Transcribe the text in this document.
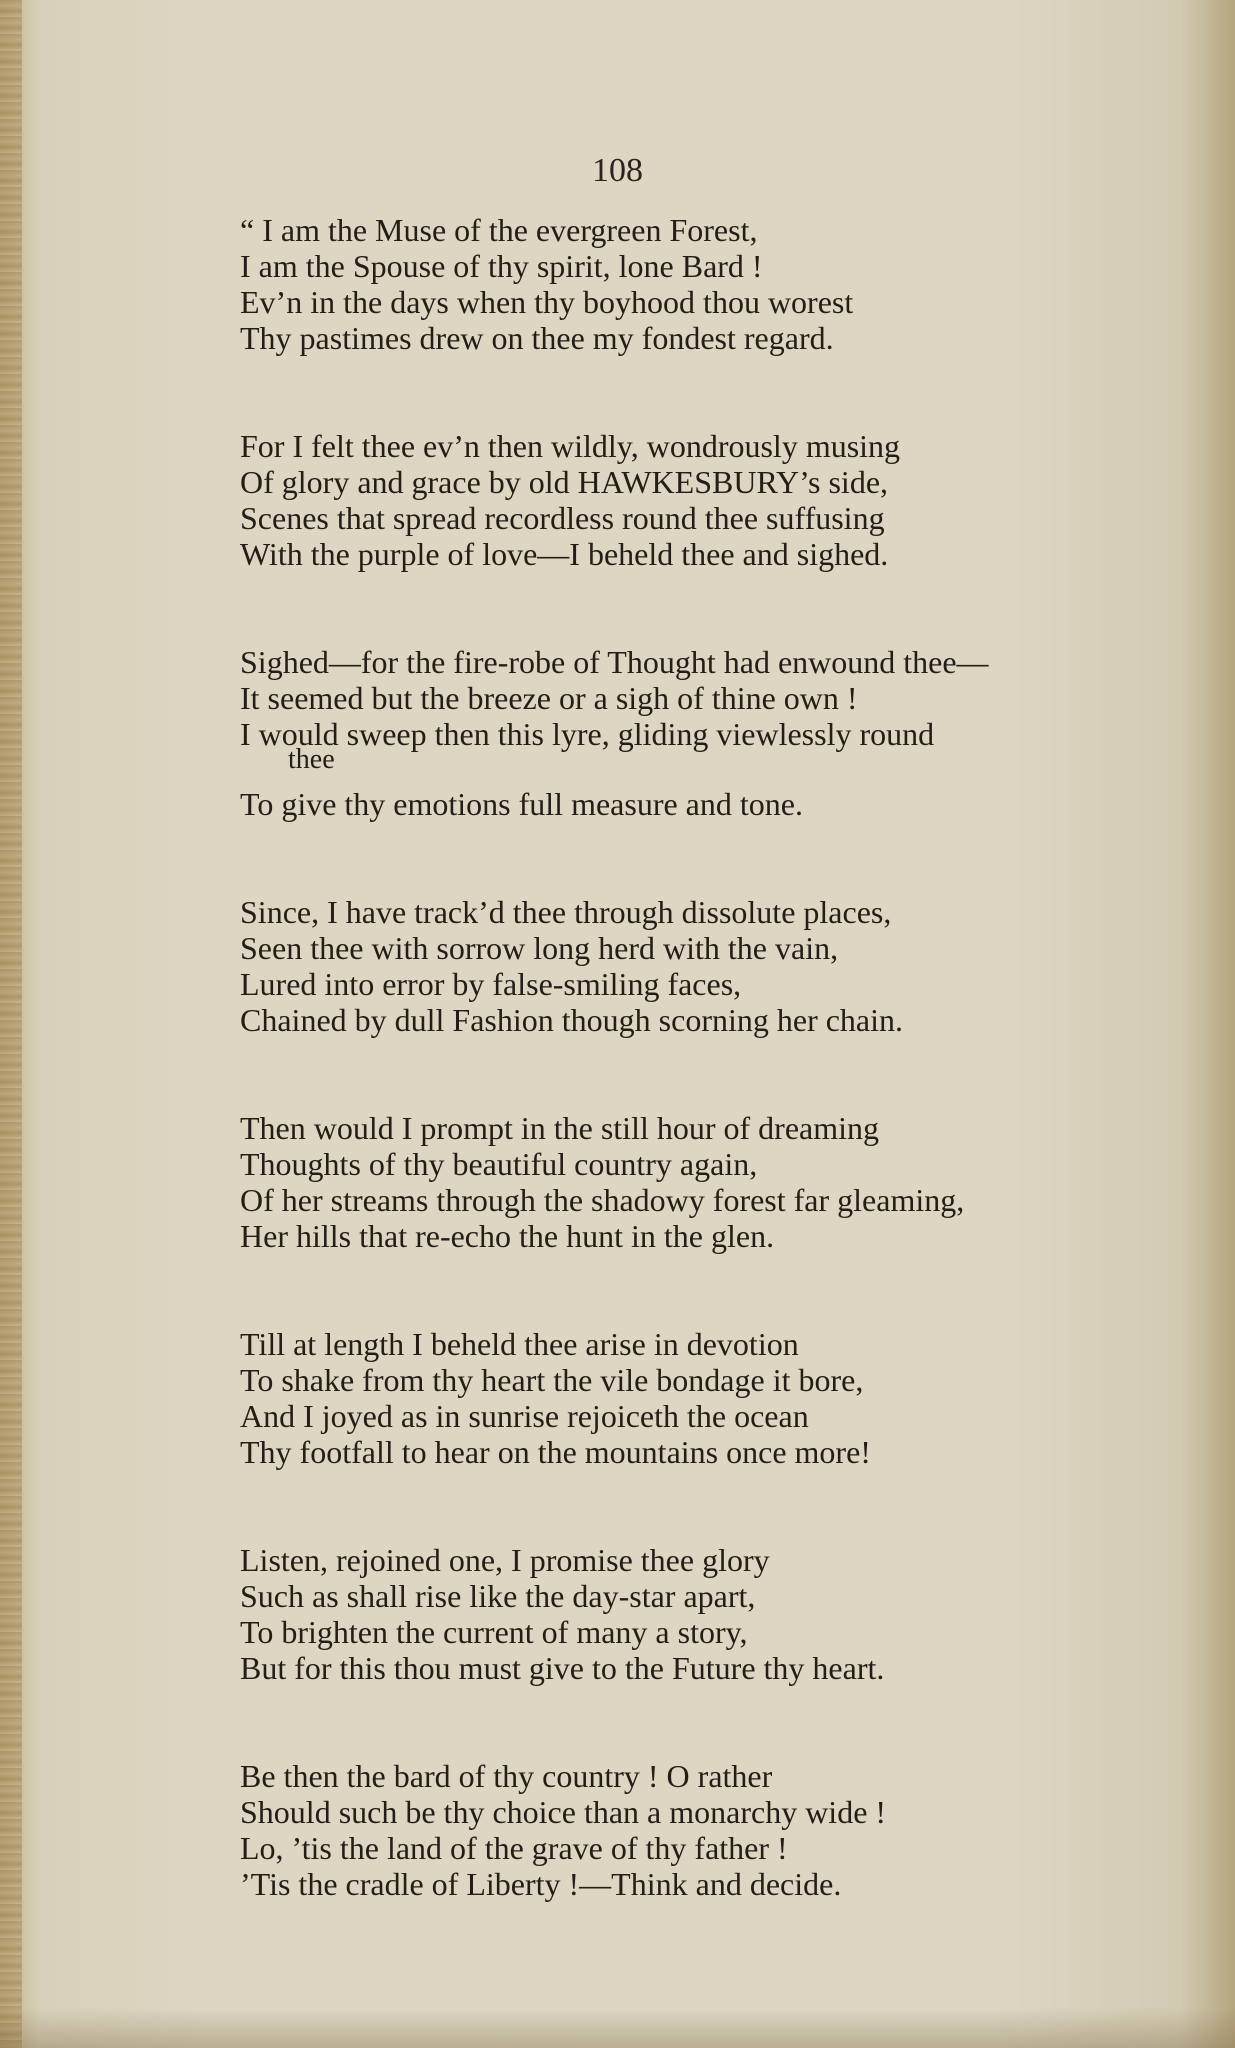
108
“ I am the Muse of the evergreen Forest,
I am the Spouse of thy spirit, lone Bard !
Ev’n in the days when thy boyhood thou worest
Thy pastimes drew on thee my fondest regard.
For I felt thee ev’n then wildly, wondrously musing
Of glory and grace by old HAWKESBURY’s side,
Scenes that spread recordless round thee suffusing
With the purple of love—I beheld thee and sighed.
Sighed—for the fire-robe of Thought had enwound thee—
It seemed but the breeze or a sigh of thine own !
I would sweep then this lyre, gliding viewlessly round
thee
To give thy emotions full measure and tone.
Since, I have track’d thee through dissolute places,
Seen thee with sorrow long herd with the vain,
Lured into error by false-smiling faces,
Chained by dull Fashion though scorning her chain.
Then would I prompt in the still hour of dreaming
Thoughts of thy beautiful country again,
Of her streams through the shadowy forest far gleaming,
Her hills that re-echo the hunt in the glen.
Till at length I beheld thee arise in devotion
To shake from thy heart the vile bondage it bore,
And I joyed as in sunrise rejoiceth the ocean
Thy footfall to hear on the mountains once more!
Listen, rejoined one, I promise thee glory
Such as shall rise like the day-star apart,
To brighten the current of many a story,
But for this thou must give to the Future thy heart.
Be then the bard of thy country ! O rather
Should such be thy choice than a monarchy wide !
Lo, ’tis the land of the grave of thy father !
’Tis the cradle of Liberty !—Think and decide.
